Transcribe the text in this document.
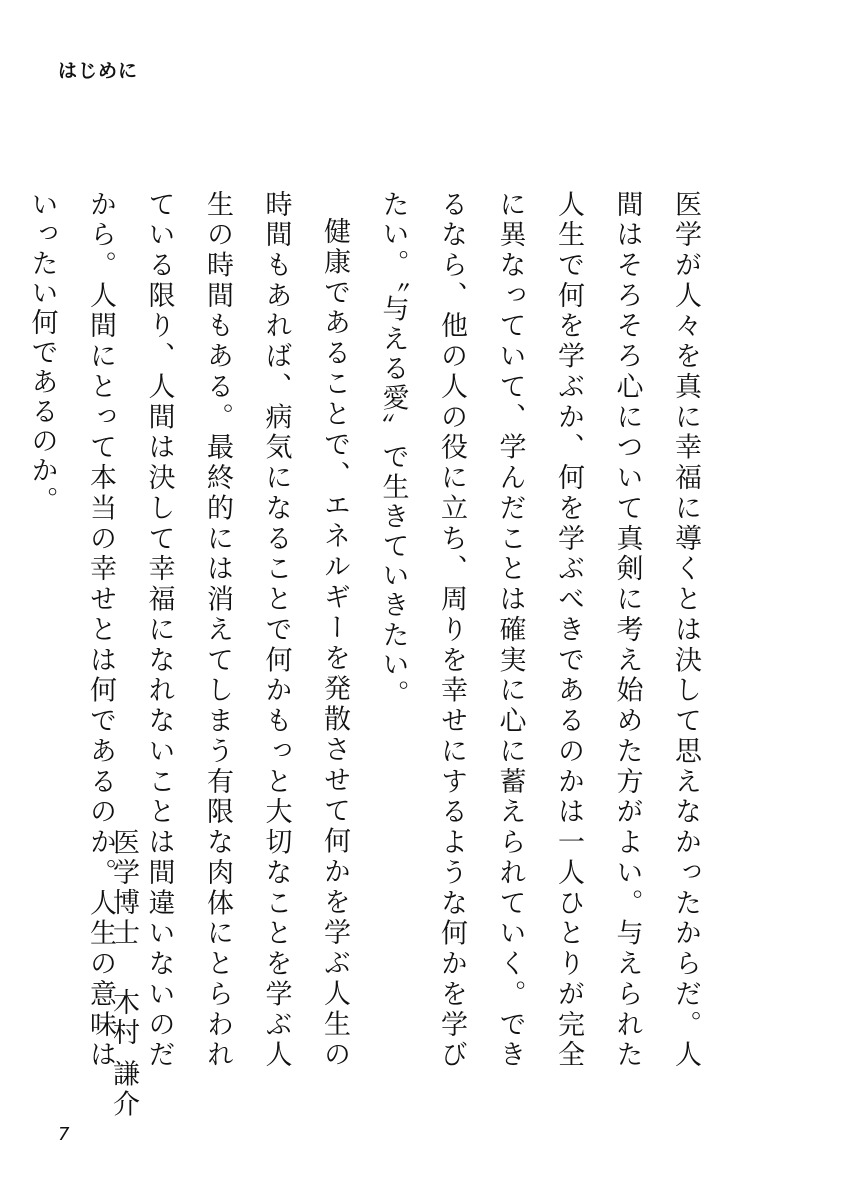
はじめに

医学が人々を真に幸福に導くとは決して思えなかったからだ。人間はそろそろ心について真剣に考え始めた方がよい。与えられた人生で何を学ぶか、何を学ぶべきであるのかは一人ひとりが完全に異なっていて、学んだことは確実に心に蓄えられていく。できるなら、他の人の役に立ち、周りを幸せにするような何かを学びたい。〝与える愛〟で生きていきたい。

健康であることで、エネルギーを発散させて何かを学ぶ人生の時間もあれば、病気になることで何かもっと大切なことを学ぶ人生の時間もある。最終的には消えてしまう有限な肉体にとらわれている限り、人間は決して幸福になれないことは間違いないのだから。人間にとって本当の幸せとは何であるのか。人生の意味はいったい何であるのか。

医学博士木村 謙介
7
